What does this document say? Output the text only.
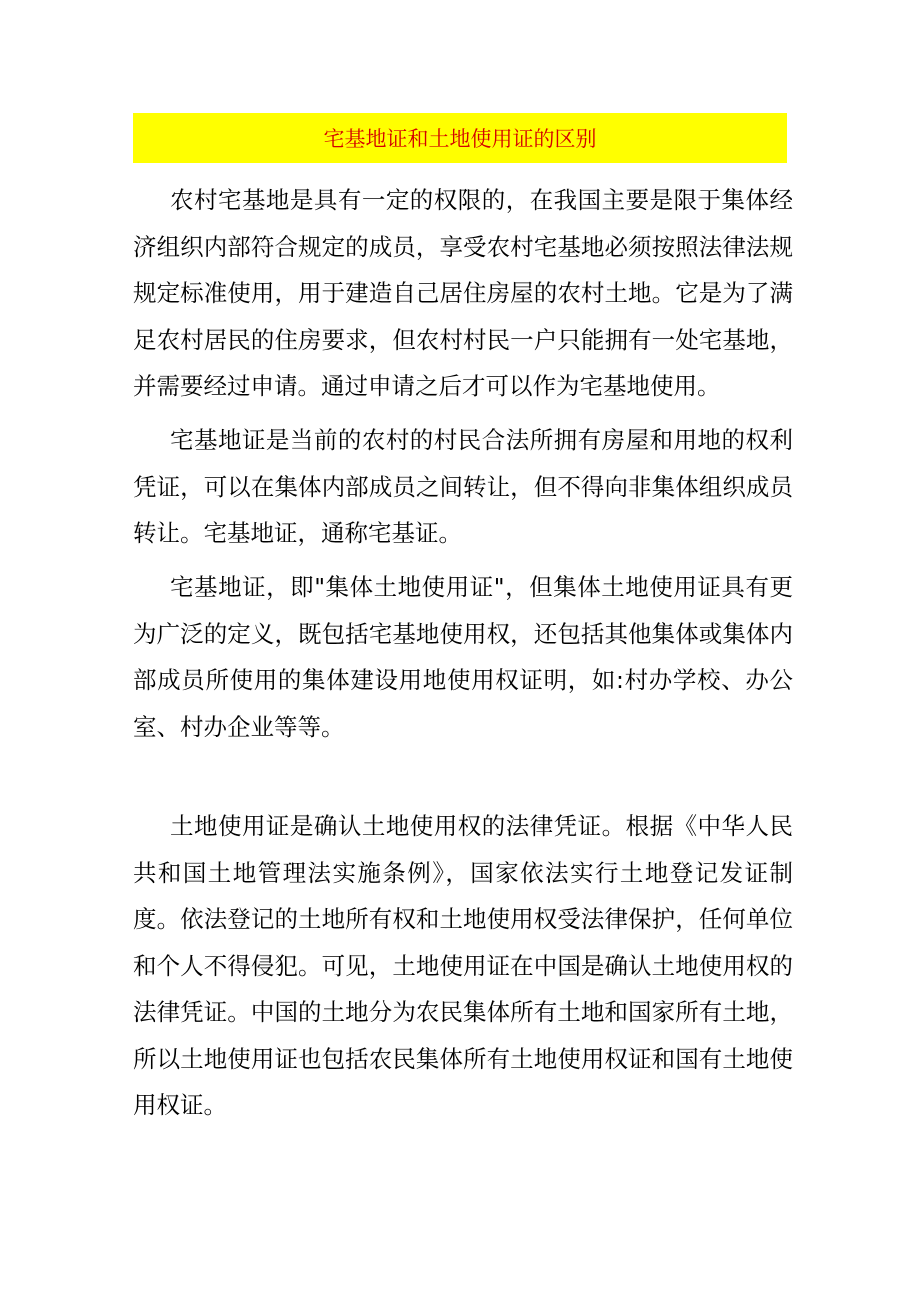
宅基地证和土地使用证的区别

农村宅基地是具有一定的权限的，在我国主要是限于集体经济组织内部符合规定的成员，享受农村宅基地必须按照法律法规规定标准使用，用于建造自己居住房屋的农村土地。它是为了满足农村居民的住房要求，但农村村民一户只能拥有一处宅基地，并需要经过申请。通过申请之后才可以作为宅基地使用。

宅基地证是当前的农村的村民合法所拥有房屋和用地的权利凭证，可以在集体内部成员之间转让，但不得向非集体组织成员转让。宅基地证，通称宅基证。

宅基地证，即"集体土地使用证"，但集体土地使用证具有更为广泛的定义，既包括宅基地使用权，还包括其他集体或集体内部成员所使用的集体建设用地使用权证明，如:村办学校、办公室、村办企业等等。

土地使用证是确认土地使用权的法律凭证。根据《中华人民共和国土地管理法实施条例》，国家依法实行土地登记发证制度。依法登记的土地所有权和土地使用权受法律保护，任何单位和个人不得侵犯。可见，土地使用证在中国是确认土地使用权的法律凭证。中国的土地分为农民集体所有土地和国家所有土地，所以土地使用证也包括农民集体所有土地使用权证和国有土地使用权证。
